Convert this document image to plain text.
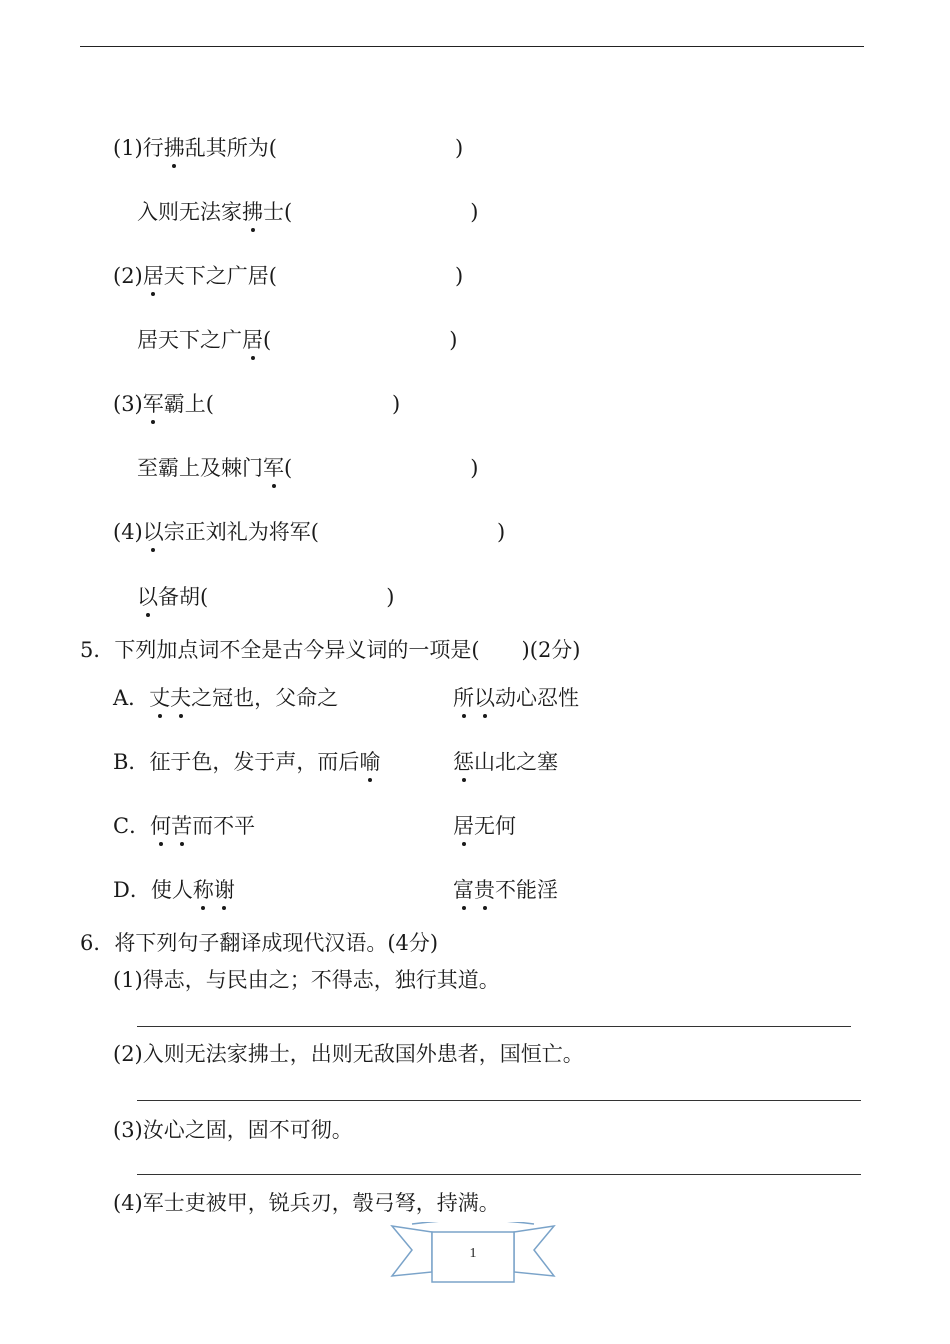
(1)行拂乱其所为(	)
入则无法家拂士(	)
(2)居天下之广居(	)
居天下之广居(	)
(3)军霸上(	)
至霸上及棘门军(	)
(4)以宗正刘礼为将军(	)
以备胡(	)
5．下列加点词不全是古今异义词的一项是(　　)(2分)
A．丈夫之冠也，父命之	所以动心忍性
B．征于色，发于声，而后喻	惩山北之塞
C．何苦而不平	居无何
D．使人称谢	富贵不能淫
6．将下列句子翻译成现代汉语。(4分)
(1)得志，与民由之；不得志，独行其道。
(2)入则无法家拂士，出则无敌国外患者，国恒亡。
(3)汝心之固，固不可彻。
(4)军士吏被甲，锐兵刃，彀弓弩，持满。
1
